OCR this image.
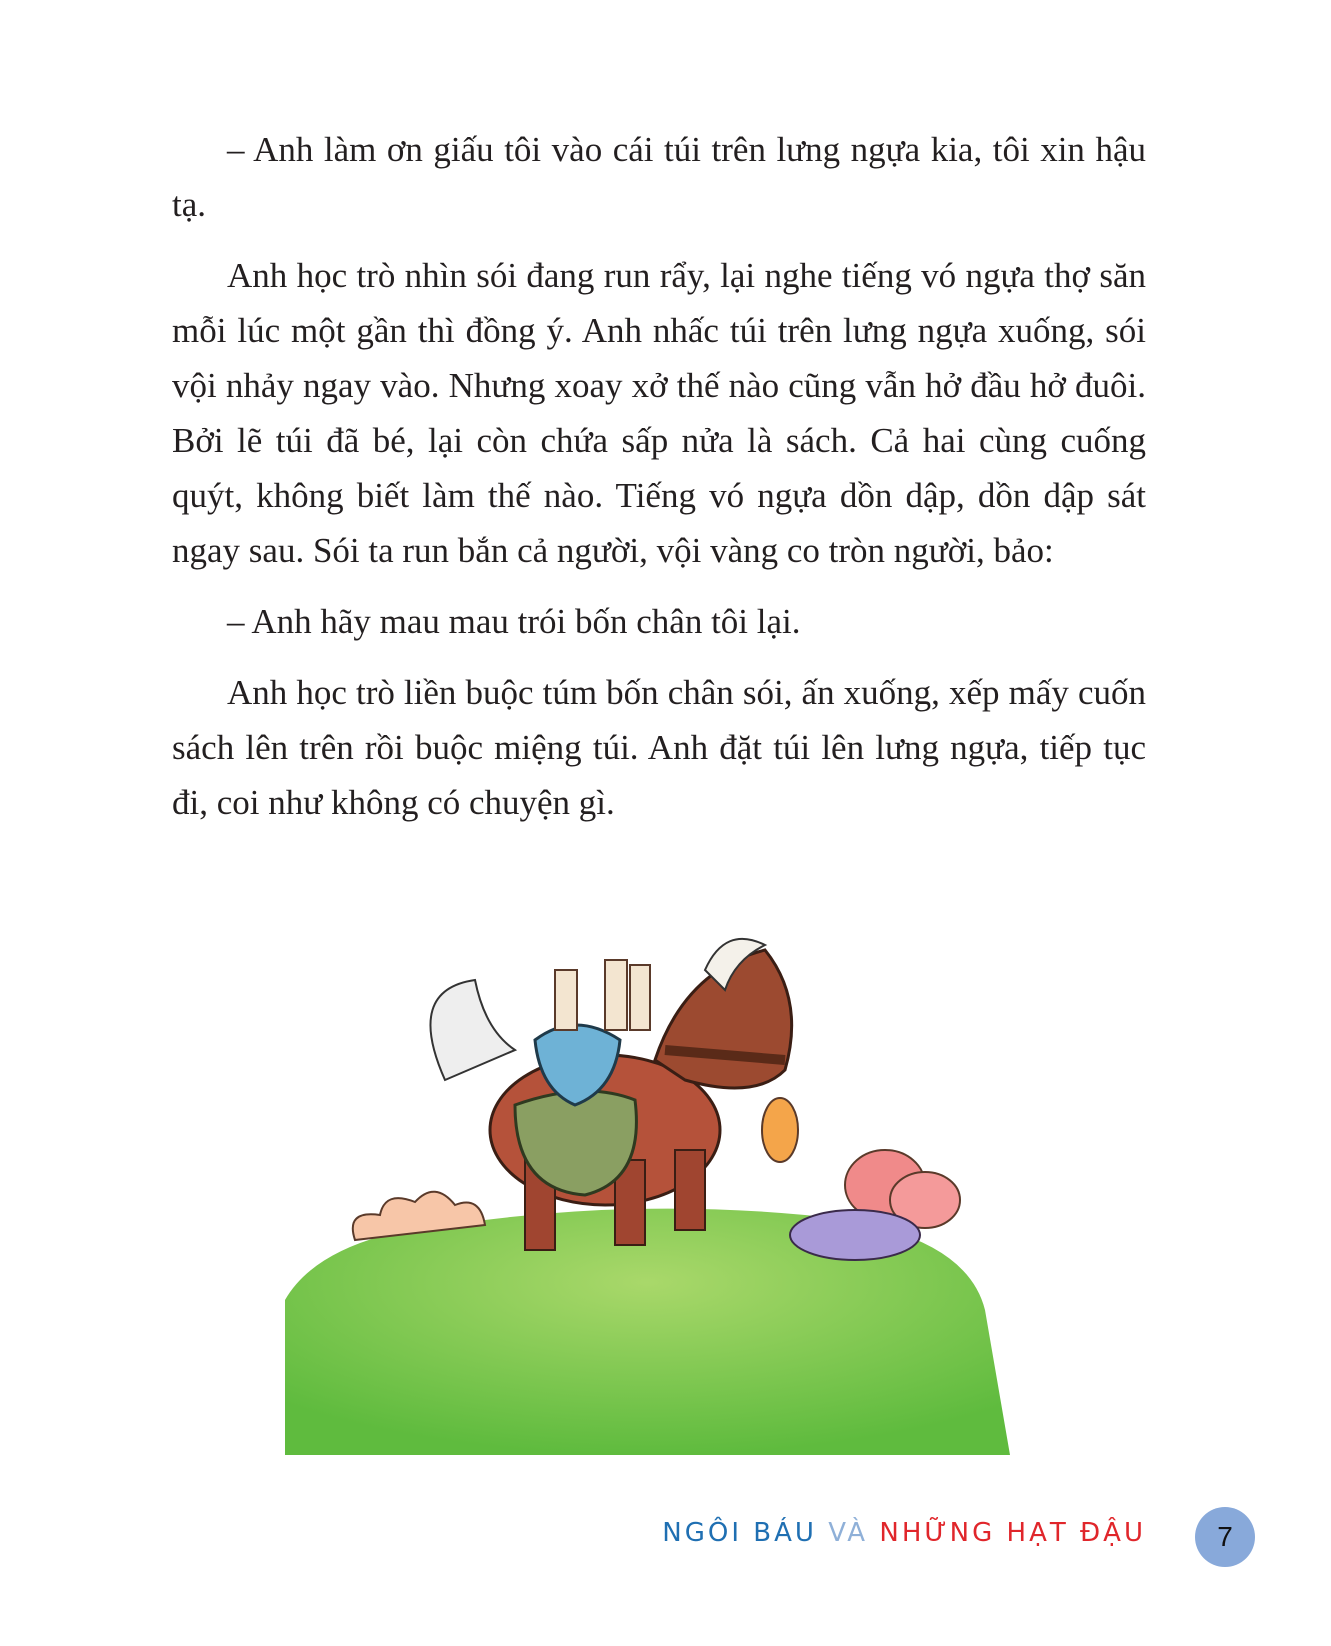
– Anh làm ơn giấu tôi vào cái túi trên lưng ngựa kia, tôi xin hậu tạ.

Anh học trò nhìn sói đang run rẩy, lại nghe tiếng vó ngựa thợ săn mỗi lúc một gần thì đồng ý. Anh nhấc túi trên lưng ngựa xuống, sói vội nhảy ngay vào. Nhưng xoay xở thế nào cũng vẫn hở đầu hở đuôi. Bởi lẽ túi đã bé, lại còn chứa sấp nửa là sách. Cả hai cùng cuống quýt, không biết làm thế nào. Tiếng vó ngựa dồn dập, dồn dập sát ngay sau. Sói ta run bắn cả người, vội vàng co tròn người, bảo:

– Anh hãy mau mau trói bốn chân tôi lại.

Anh học trò liền buộc túm bốn chân sói, ấn xuống, xếp mấy cuốn sách lên trên rồi buộc miệng túi. Anh đặt túi lên lưng ngựa, tiếp tục đi, coi như không có chuyện gì.

NGÔI BÁU VÀ NHỮNG HẠT ĐẬU	7
